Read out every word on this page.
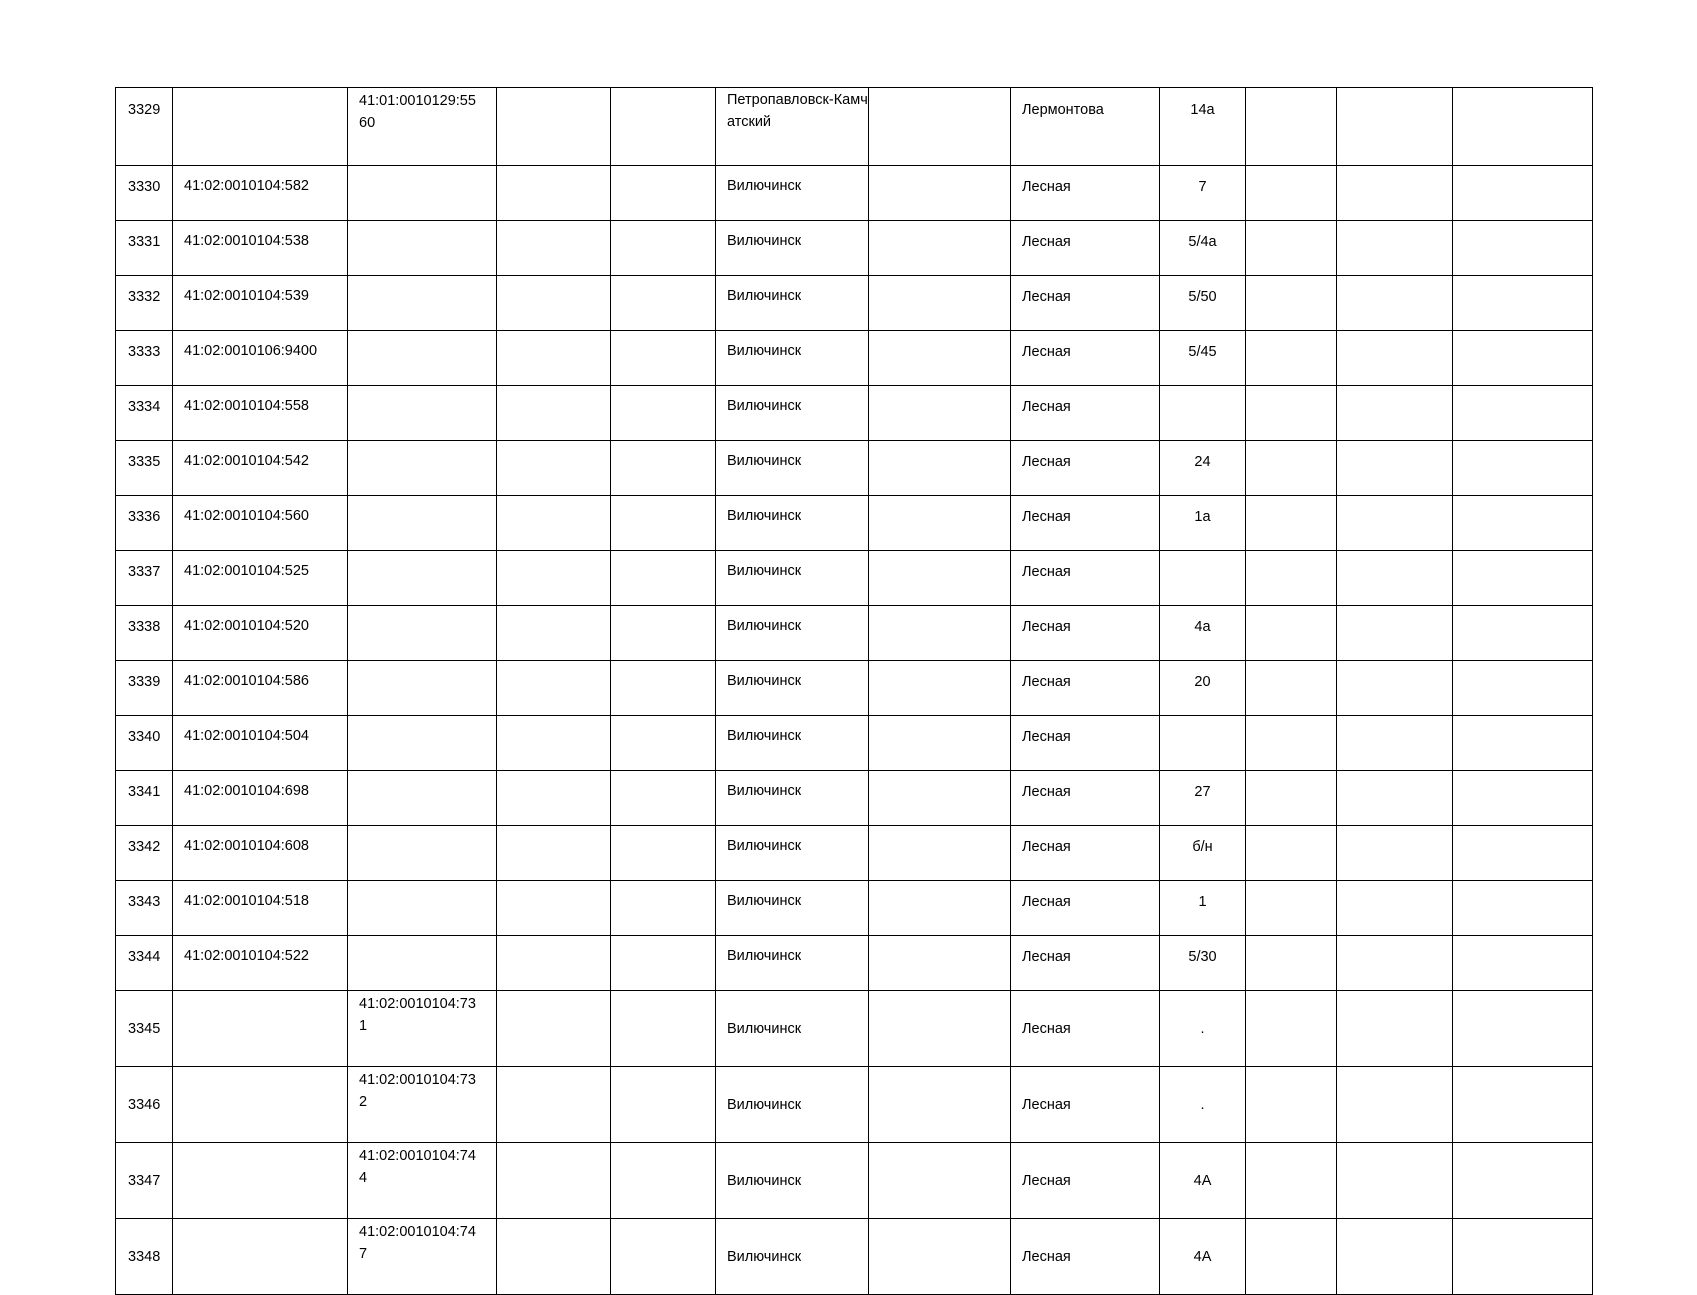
3329		41:01:0010129:5560			Петропавловск-Камчатский		Лермонтова	14а			
3330	41:02:0010104:582				Вилючинск		Лесная	7			
3331	41:02:0010104:538				Вилючинск		Лесная	5/4а			
3332	41:02:0010104:539				Вилючинск		Лесная	5/50			
3333	41:02:0010106:9400				Вилючинск		Лесная	5/45			
3334	41:02:0010104:558				Вилючинск		Лесная				
3335	41:02:0010104:542				Вилючинск		Лесная	24			
3336	41:02:0010104:560				Вилючинск		Лесная	1а			
3337	41:02:0010104:525				Вилючинск		Лесная				
3338	41:02:0010104:520				Вилючинск		Лесная	4а			
3339	41:02:0010104:586				Вилючинск		Лесная	20			
3340	41:02:0010104:504				Вилючинск		Лесная				
3341	41:02:0010104:698				Вилючинск		Лесная	27			
3342	41:02:0010104:608				Вилючинск		Лесная	б/н			
3343	41:02:0010104:518				Вилючинск		Лесная	1			
3344	41:02:0010104:522				Вилючинск		Лесная	5/30			
3345		41:02:0010104:731			Вилючинск		Лесная	.			
3346		41:02:0010104:732			Вилючинск		Лесная	.			
3347		41:02:0010104:744			Вилючинск		Лесная	4А			
3348		41:02:0010104:747			Вилючинск		Лесная	4А			
